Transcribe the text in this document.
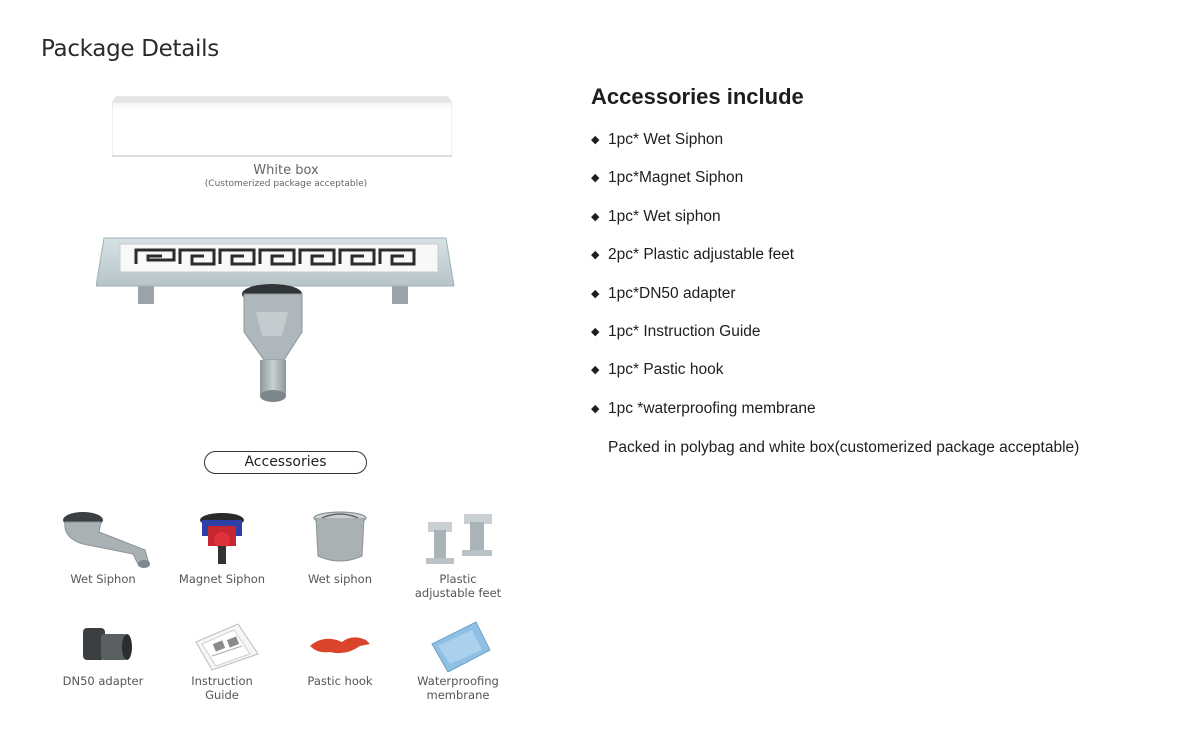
Package Details
White box
(Customerized package acceptable)
Accessories
Wet Siphon	Magnet Siphon	Wet siphon	Plastic
adjustable feet
DN50 adapter	Instruction
Guide
Pastic hook	Waterproofing
membrane
Accessories include
◆ 1pc* Wet Siphon
◆ 1pc*Magnet Siphon
◆ 1pc* Wet siphon
◆ 2pc* Plastic adjustable feet
◆ 1pc*DN50 adapter
◆ 1pc* Instruction Guide
◆ 1pc* Pastic hook
◆ 1pc *waterproofing membrane
Packed in polybag and white box(customerized package acceptable)
